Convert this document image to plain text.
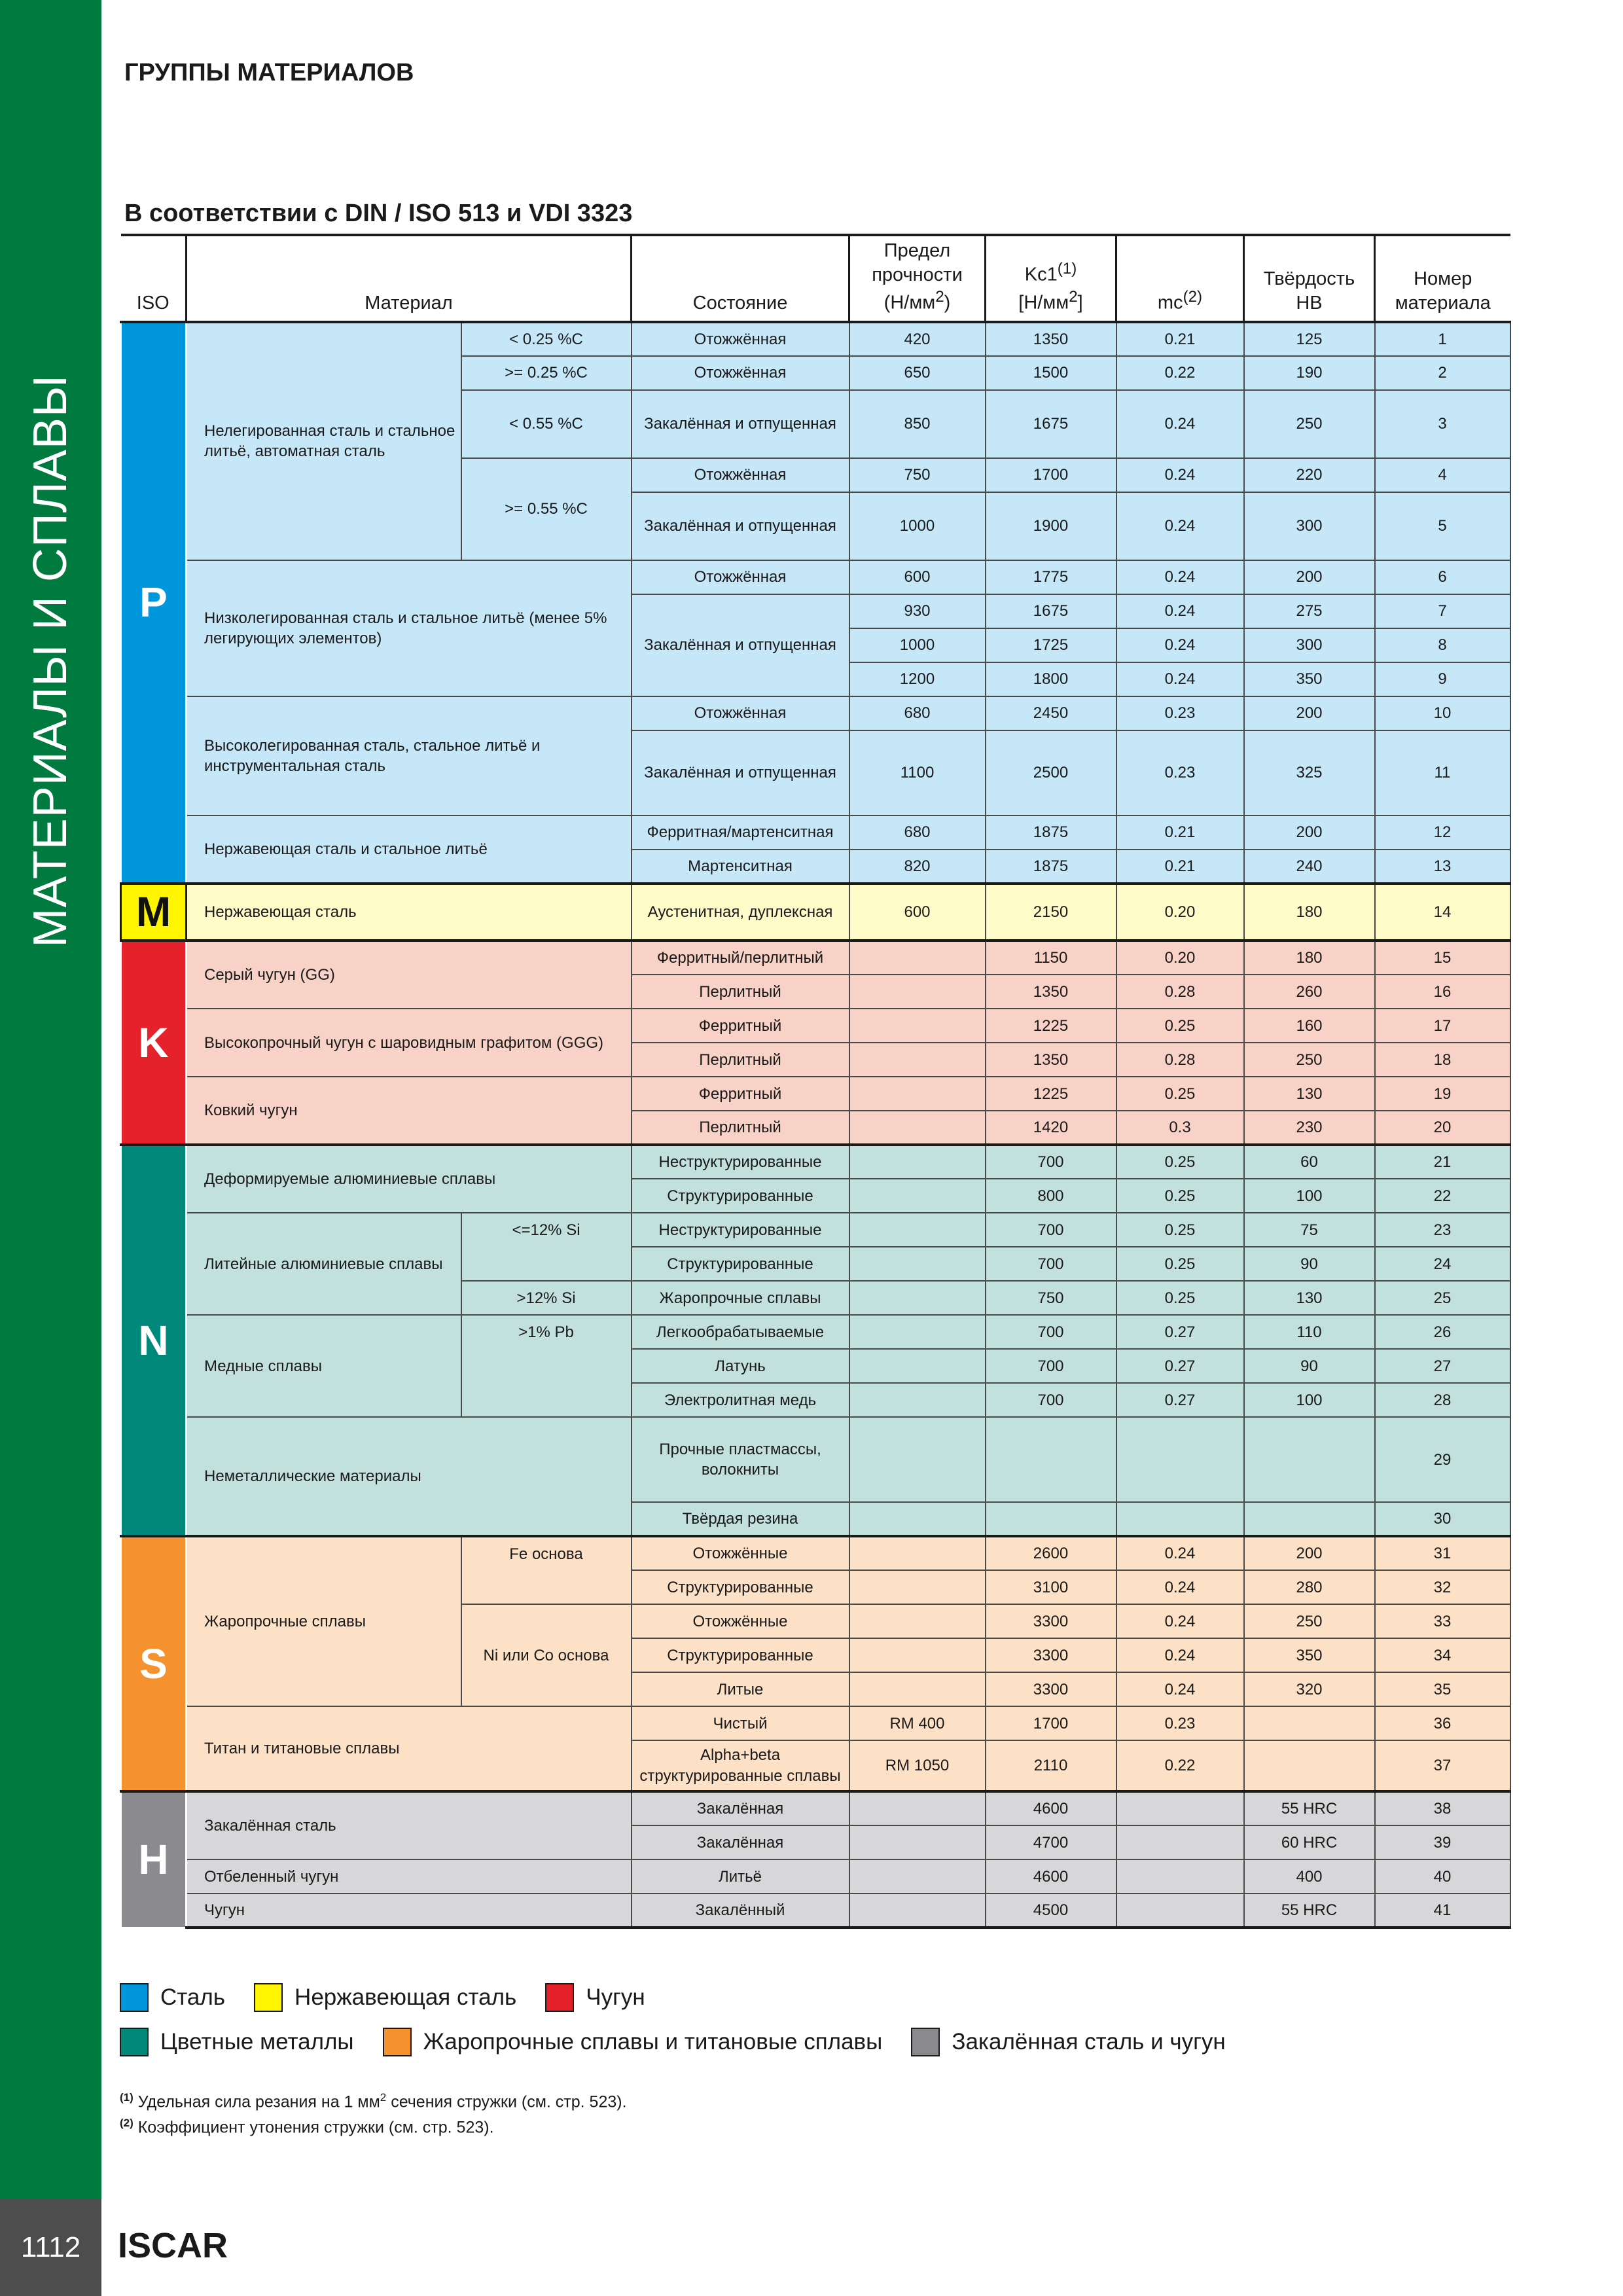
МАТЕРИАЛЫ И СПЛАВЫ
1112	ISCAR
ГРУППЫ МАТЕРИАЛОВ
В соответствии с DIN / ISO 513 и VDI 3323
ISO	Материал		Состояние	Предел
прочности
$(Н/мм^2)$	Kc1$^{(1)}$
$[Н/мм^2]$	$mc^{(2)}$	Твёрдость
HB	Номер
материала
P	Нелегированная сталь и стальное литьё, автоматная сталь	< 0.25 %C	Отожжённая	420	1350	0.21	125	1
		>= 0.25 %C	Отожжённая	650	1500	0.22	190	2
		< 0.55 %C	Закалённая и отпущенная	850	1675	0.24	250	3
		>= 0.55 %C	Отожжённая	750	1700	0.24	220	4
			Закалённая и отпущенная	1000	1900	0.24	300	5
	Низколегированная сталь и стальное литьё (менее 5% легирующих элементов)		Отожжённая	600	1775	0.24	200	6
			Закалённая и отпущенная	930	1675	0.24	275	7
				1000	1725	0.24	300	8
				1200	1800	0.24	350	9
	Высоколегированная сталь, стальное литьё и инструментальная сталь		Отожжённая	680	2450	0.23	200	10
			Закалённая и отпущенная	1100	2500	0.23	325	11
	Нержавеющая сталь и стальное литьё		Ферритная/мартенситная	680	1875	0.21	200	12
			Мартенситная	820	1875	0.21	240	13
M	Нержавеющая сталь		Аустенитная, дуплексная	600	2150	0.20	180	14
K	Серый чугун (GG)		Ферритный/перлитный		1150	0.20	180	15
			Перлитный		1350	0.28	260	16
	Высокопрочный чугун с шаровидным графитом (GGG)		Ферритный		1225	0.25	160	17
			Перлитный		1350	0.28	250	18
	Ковкий чугун		Ферритный		1225	0.25	130	19
			Перлитный		1420	0.3	230	20
N	Деформируемые алюминиевые сплавы		Неструктурированные		700	0.25	60	21
			Структурированные		800	0.25	100	22
	Литейные алюминиевые сплавы	<=12% Si	Неструктурированные		700	0.25	75	23
			Структурированные		700	0.25	90	24
		>12% Si	Жаропрочные сплавы		750	0.25	130	25
	Медные сплавы	>1% Pb	Легкообрабатываемые		700	0.27	110	26
			Латунь		700	0.27	90	27
			Электролитная медь		700	0.27	100	28
	Неметаллические материалы		Прочные пластмассы, волокниты					29
			Твёрдая резина					30
S	Жаропрочные сплавы	Fe основа	Отожжённые		2600	0.24	200	31
			Структурированные		3100	0.24	280	32
		Ni или Co основа	Отожжённые		3300	0.24	250	33
			Структурированные		3300	0.24	350	34
			Литые		3300	0.24	320	35
	Титан и титановые сплавы		Чистый	RM 400	1700	0.23		36
			Alpha+beta структурированные сплавы	RM 1050	2110	0.22		37
H	Закалённая сталь		Закалённая		4600		55 HRC	38
			Закалённая		4700		60 HRC	39
	Отбеленный чугун		Литьё		4600		400	40
	Чугун		Закалённый		4500		55 HRC	41
Сталь	Нержавеющая сталь	Чугун
Цветные металлы	Жаропрочные сплавы и титановые сплавы	Закалённая сталь и чугун
$^{(1)}$ Удельная сила резания на 1 $мм^2$ сечения стружки (см. стр. 523).
$^{(2)}$ Коэффициент утонения стружки (см. стр. 523).
